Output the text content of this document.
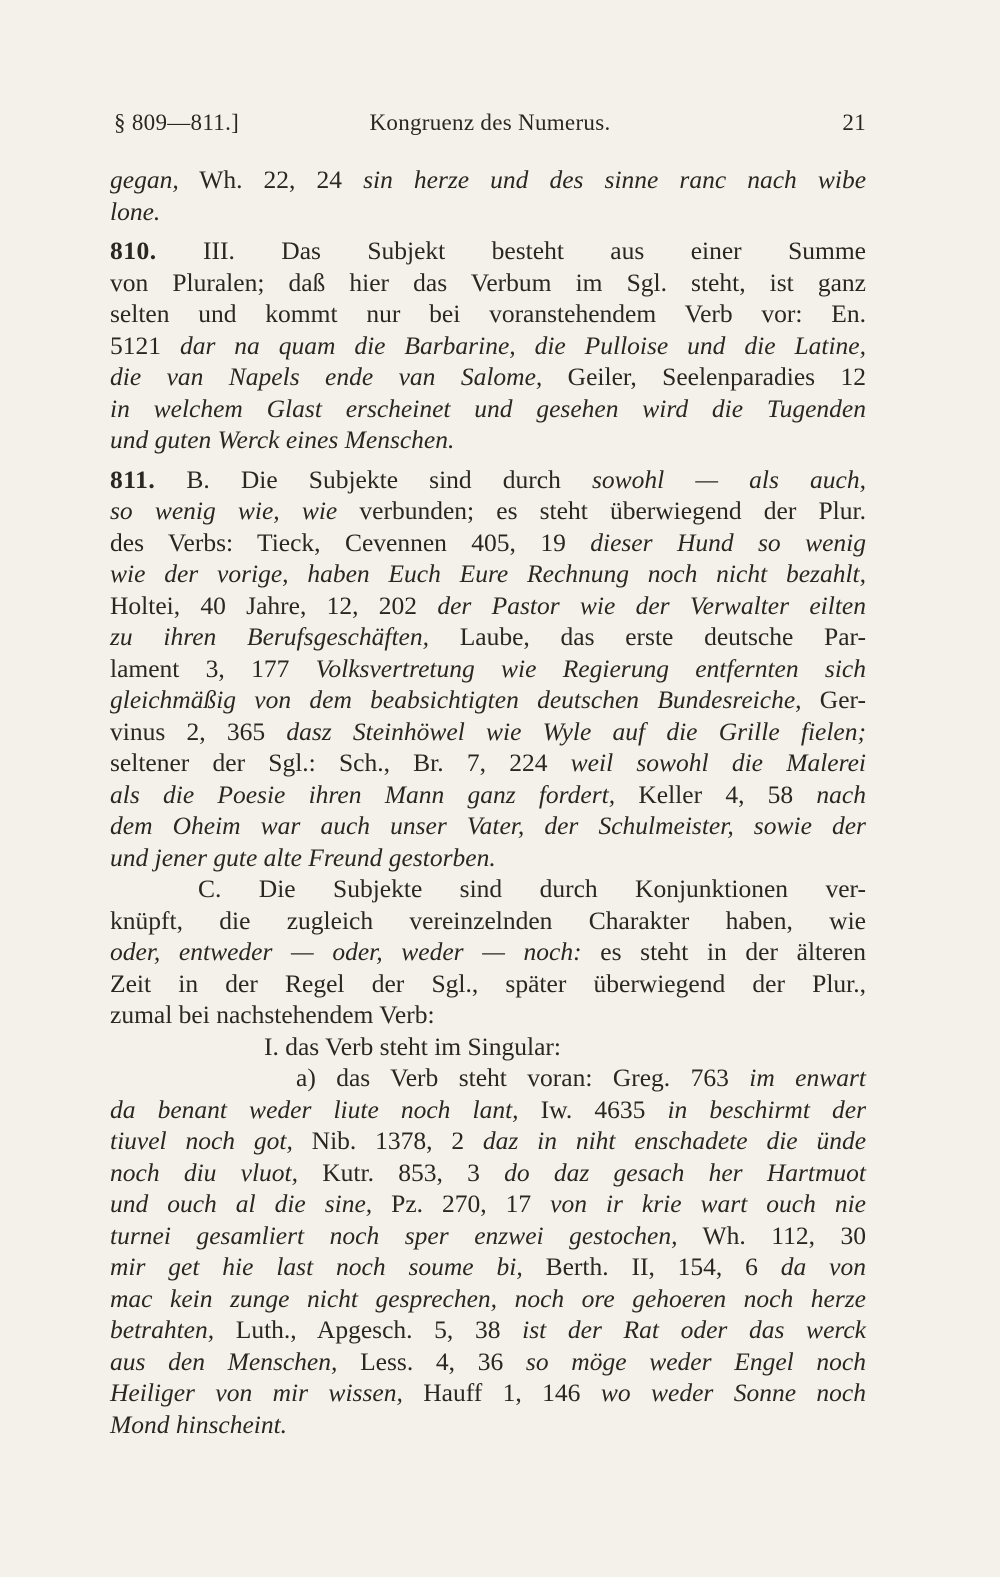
§ 809—811.]	Kongruenz des Numerus.	21
gegan, Wh. 22, 24 sin herze und des sinne ranc nach wibe
lone.
810. III. Das Subjekt besteht aus einer Summe
von Pluralen; daß hier das Verbum im Sgl. steht, ist ganz
selten und kommt nur bei voranstehendem Verb vor: En.
5121 dar na quam die Barbarine, die Pulloise und die Latine,
die van Napels ende van Salome, Geiler, Seelenparadies 12
in welchem Glast erscheinet und gesehen wird die Tugenden
und guten Werck eines Menschen.
811. B. Die Subjekte sind durch sowohl — als auch,
so wenig wie, wie verbunden; es steht überwiegend der Plur.
des Verbs: Tieck, Cevennen 405, 19 dieser Hund so wenig
wie der vorige, haben Euch Eure Rechnung noch nicht bezahlt,
Holtei, 40 Jahre, 12, 202 der Pastor wie der Verwalter eilten
zu ihren Berufsgeschäften, Laube, das erste deutsche Par-
lament 3, 177 Volksvertretung wie Regierung entfernten sich
gleichmäßig von dem beabsichtigten deutschen Bundesreiche, Ger-
vinus 2, 365 dasz Steinhöwel wie Wyle auf die Grille fielen;
seltener der Sgl.: Sch., Br. 7, 224 weil sowohl die Malerei
als die Poesie ihren Mann ganz fordert, Keller 4, 58 nach
dem Oheim war auch unser Vater, der Schulmeister, sowie der
und jener gute alte Freund gestorben.
C. Die Subjekte sind durch Konjunktionen ver-
knüpft, die zugleich vereinzelnden Charakter haben, wie
oder, entweder — oder, weder — noch: es steht in der älteren
Zeit in der Regel der Sgl., später überwiegend der Plur.,
zumal bei nachstehendem Verb:
I. das Verb steht im Singular:
a) das Verb steht voran: Greg. 763 im enwart
da benant weder liute noch lant, Iw. 4635 in beschirmt der
tiuvel noch got, Nib. 1378, 2 daz in niht enschadete die ünde
noch diu vluot, Kutr. 853, 3 do daz gesach her Hartmuot
und ouch al die sine, Pz. 270, 17 von ir krie wart ouch nie
turnei gesamliert noch sper enzwei gestochen, Wh. 112, 30
mir get hie last noch soume bi, Berth. II, 154, 6 da von
mac kein zunge nicht gesprechen, noch ore gehoeren noch herze
betrahten, Luth., Apgesch. 5, 38 ist der Rat oder das werck
aus den Menschen, Less. 4, 36 so möge weder Engel noch
Heiliger von mir wissen, Hauff 1, 146 wo weder Sonne noch
Mond hinscheint.
